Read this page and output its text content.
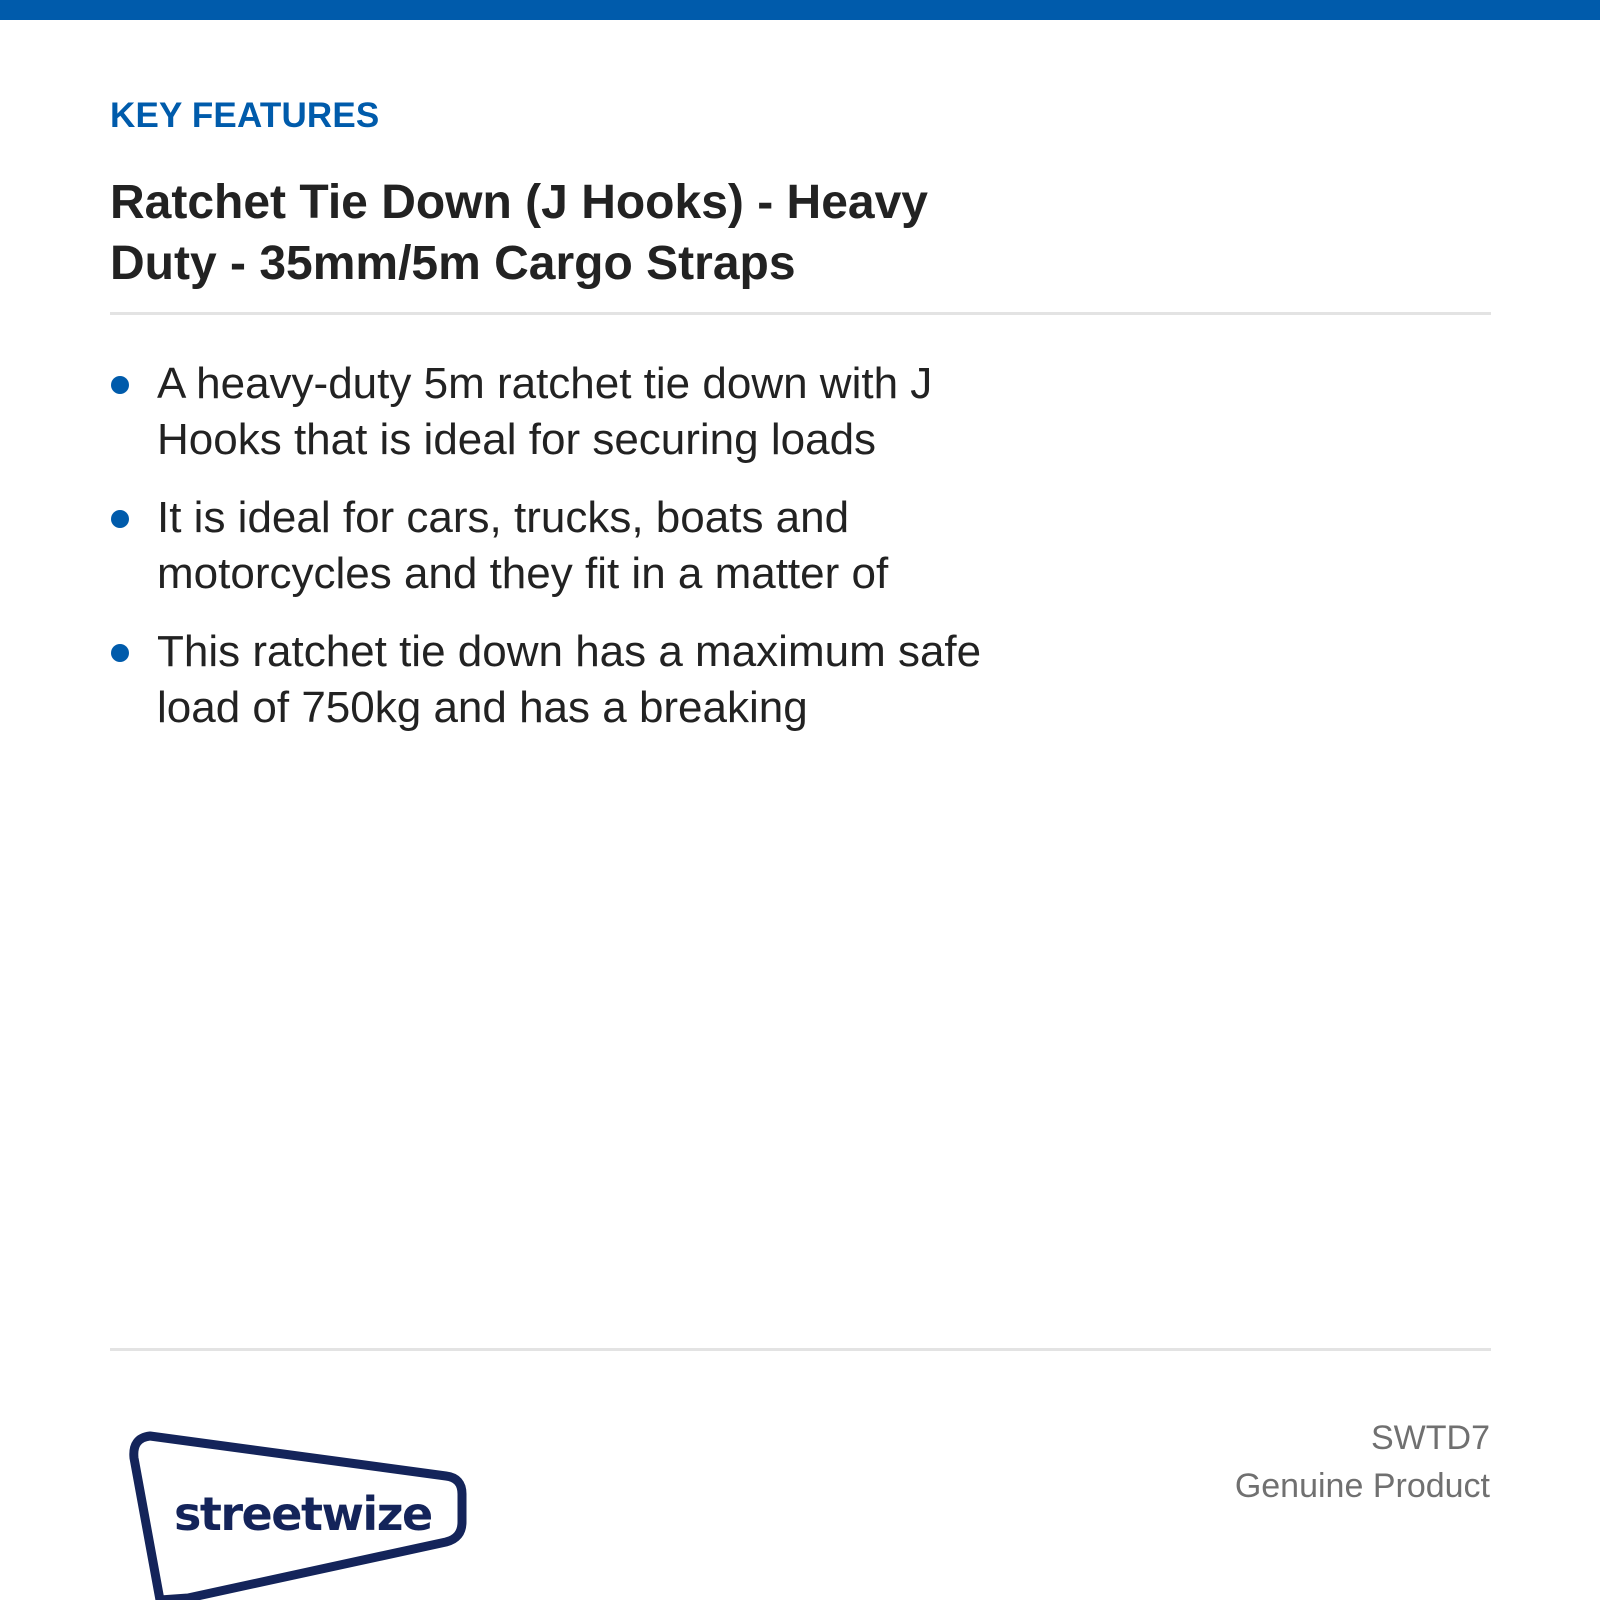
KEY FEATURES
Ratchet Tie Down (J Hooks) - Heavy Duty - 35mm/5m Cargo Straps
A heavy-duty 5m ratchet tie down with J Hooks that is ideal for securing loads
It is ideal for cars, trucks, boats and motorcycles and they fit in a matter of
This ratchet tie down has a maximum safe load of 750kg and has a breaking
streetwize
SWTD7
Genuine Product
